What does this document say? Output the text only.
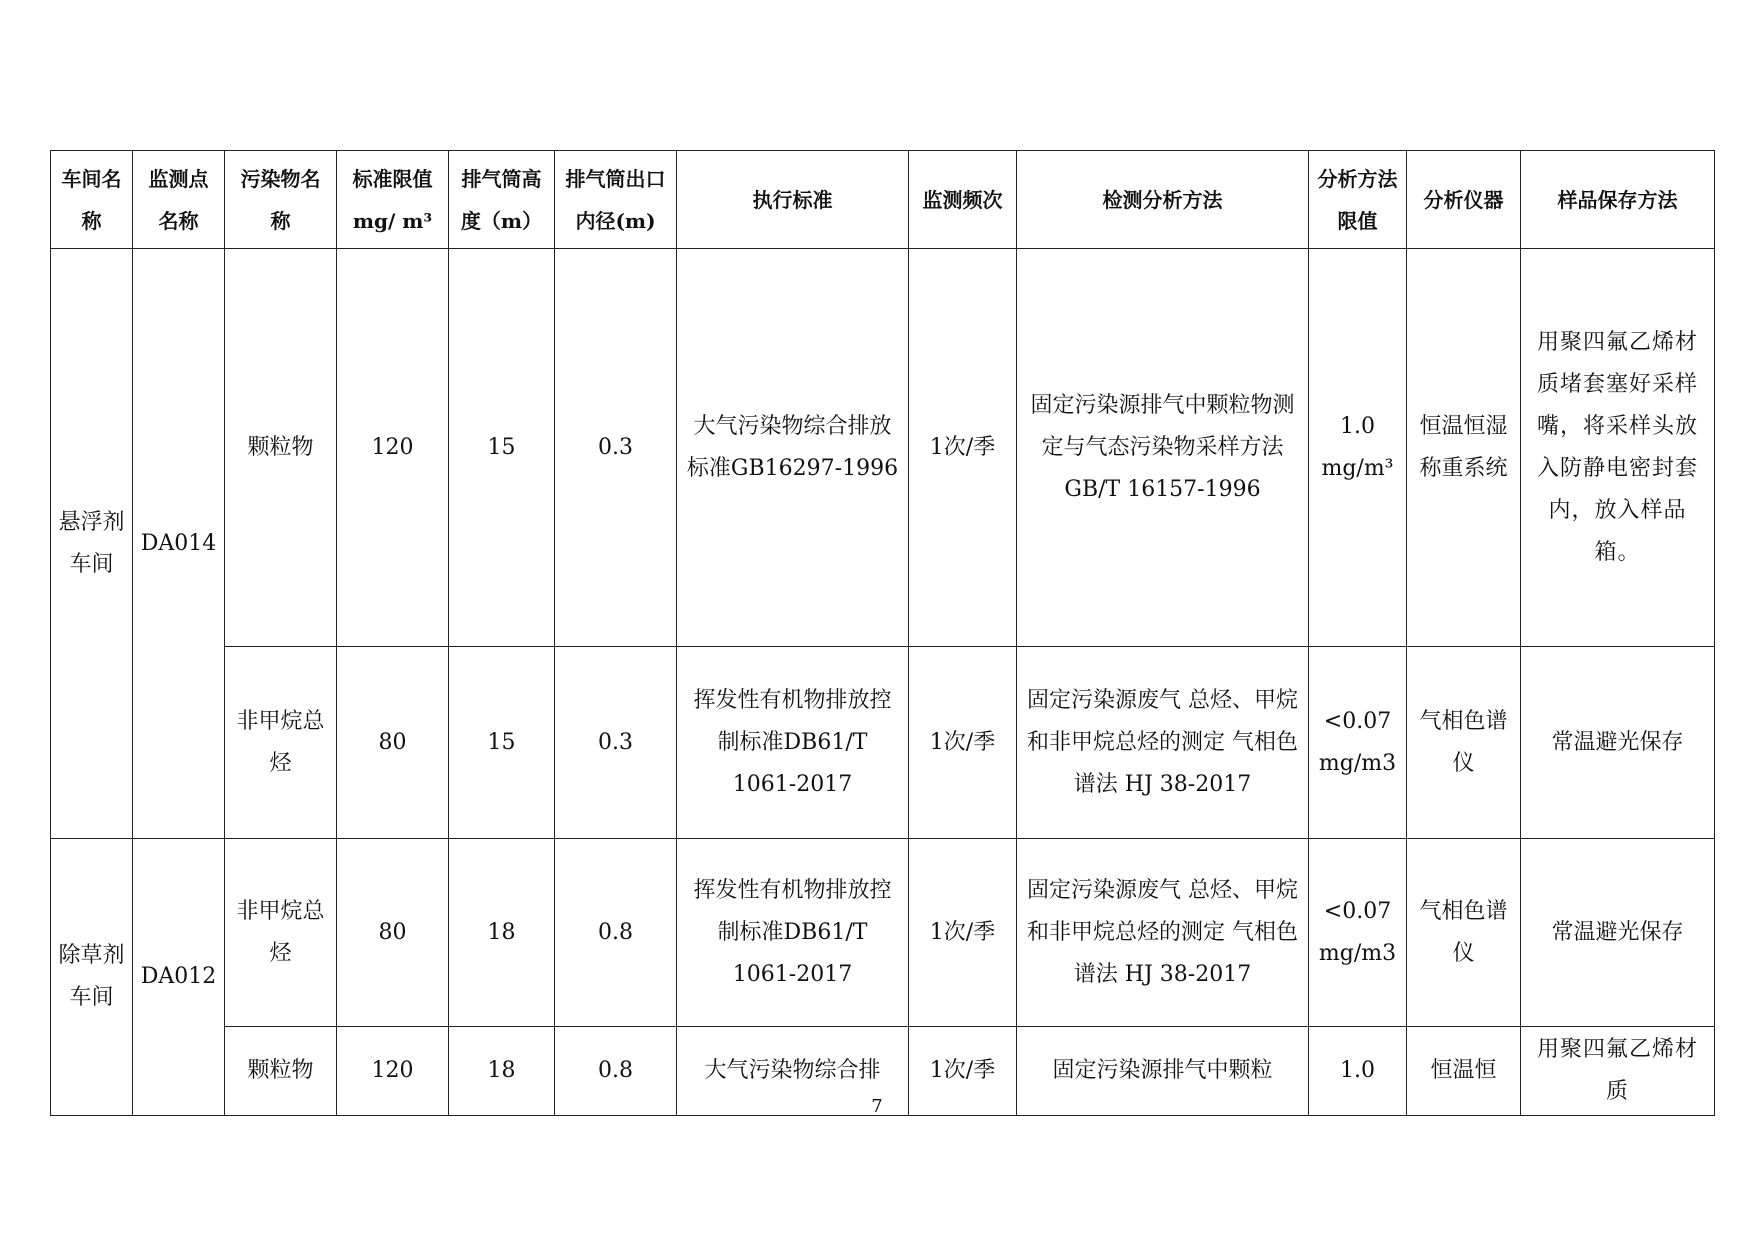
车间名称	监测点名称	污染物名称	标准限值mg/ m³	排气筒高度（m）	排气筒出口内径(m)	执行标准	监测频次	检测分析方法	分析方法限值	分析仪器	样品保存方法
悬浮剂车间	DA014	颗粒物	120	15	0.3	大气污染物综合排放标准GB16297-1996	1次/季	固定污染源排气中颗粒物测定与气态污染物采样方法 GB/T 16157-1996	1.0 mg/m³	恒温恒湿称重系统	用聚四氟乙烯材质堵套塞好采样嘴，将采样头放入防静电密封套内，放入样品箱。
		非甲烷总烃	80	15	0.3	挥发性有机物排放控制标准DB61/T 1061-2017	1次/季	固定污染源废气 总烃、甲烷和非甲烷总烃的测定 气相色谱法 HJ 38-2017	<0.07 mg/m3	气相色谱仪	常温避光保存
除草剂车间	DA012	非甲烷总烃	80	18	0.8	挥发性有机物排放控制标准DB61/T 1061-2017	1次/季	固定污染源废气 总烃、甲烷和非甲烷总烃的测定 气相色谱法 HJ 38-2017	<0.07 mg/m3	气相色谱仪	常温避光保存
		颗粒物	120	18	0.8	大气污染物综合排	1次/季	固定污染源排气中颗粒	1.0	恒温恒	用聚四氟乙烯材质
7
